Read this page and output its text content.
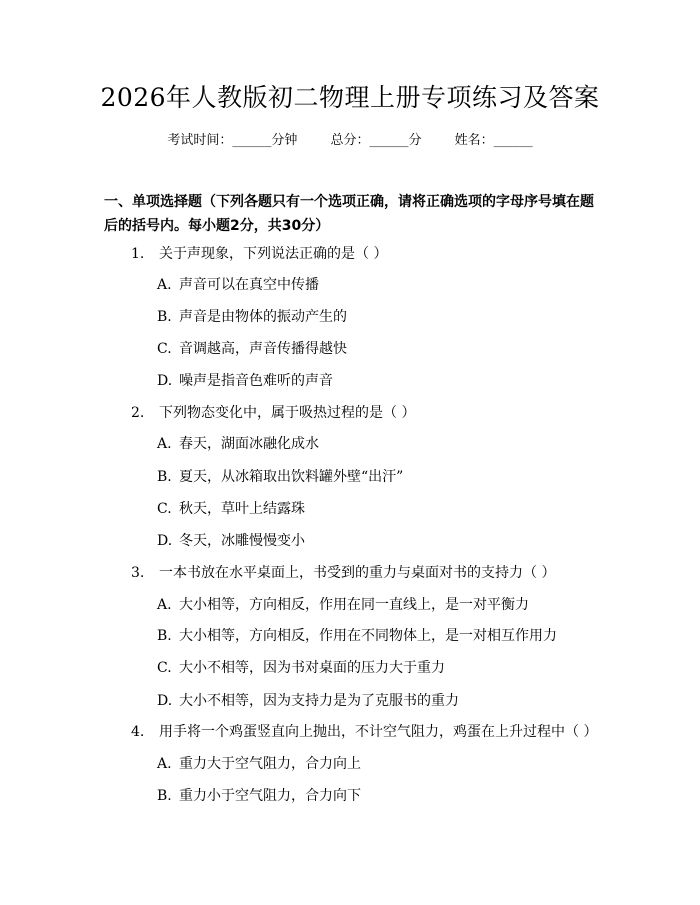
2026年人教版初二物理上册专项练习及答案
考试时间：______分钟	总分：______分	姓名：______
一、单项选择题（下列各题只有一个选项正确，请将正确选项的字母序号填在题后的括号内。每小题2分，共30分）
1. 关于声现象，下列说法正确的是（ ）
A. 声音可以在真空中传播
B. 声音是由物体的振动产生的
C. 音调越高，声音传播得越快
D. 噪声是指音色难听的声音
2. 下列物态变化中，属于吸热过程的是（ ）
A. 春天，湖面冰融化成水
B. 夏天，从冰箱取出饮料罐外壁“出汗”
C. 秋天，草叶上结露珠
D. 冬天，冰雕慢慢变小
3. 一本书放在水平桌面上，书受到的重力与桌面对书的支持力（ ）
A. 大小相等，方向相反，作用在同一直线上，是一对平衡力
B. 大小相等，方向相反，作用在不同物体上，是一对相互作用力
C. 大小不相等，因为书对桌面的压力大于重力
D. 大小不相等，因为支持力是为了克服书的重力
4. 用手将一个鸡蛋竖直向上抛出，不计空气阻力，鸡蛋在上升过程中（ ）
A. 重力大于空气阻力，合力向上
B. 重力小于空气阻力，合力向下
